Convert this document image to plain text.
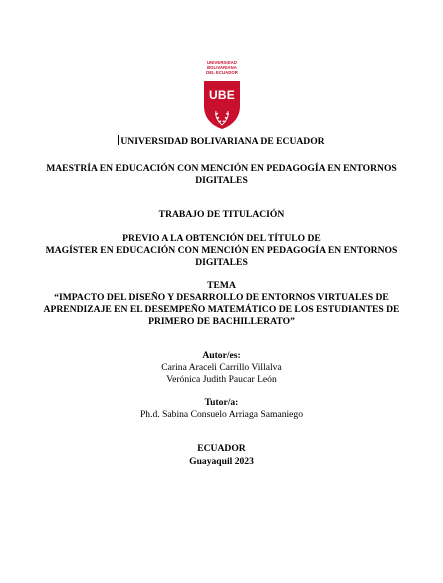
UNIVERSIDAD
BOLIVARIANA
DEL ECUADOR
UBE
UNIVERSIDAD BOLIVARIANA DE ECUADOR
MAESTRÍA EN EDUCACIÓN CON MENCIÓN EN PEDAGOGÍA EN ENTORNOS
DIGITALES
TRABAJO DE TITULACIÓN
PREVIO A LA OBTENCIÓN DEL TÍTULO DE
MAGÍSTER EN EDUCACIÓN CON MENCIÓN EN PEDAGOGÍA EN ENTORNOS
DIGITALES
TEMA
“IMPACTO DEL DISEÑO Y DESARROLLO DE ENTORNOS VIRTUALES DE
APRENDIZAJE EN EL DESEMPEÑO MATEMÁTICO DE LOS ESTUDIANTES DE
PRIMERO DE BACHILLERATO”
Autor/es:
Carina Araceli Carrillo Villalva
Verónica Judith Paucar León
Tutor/a:
Ph.d. Sabina Consuelo Arriaga Samaniego
ECUADOR
Guayaquil 2023
